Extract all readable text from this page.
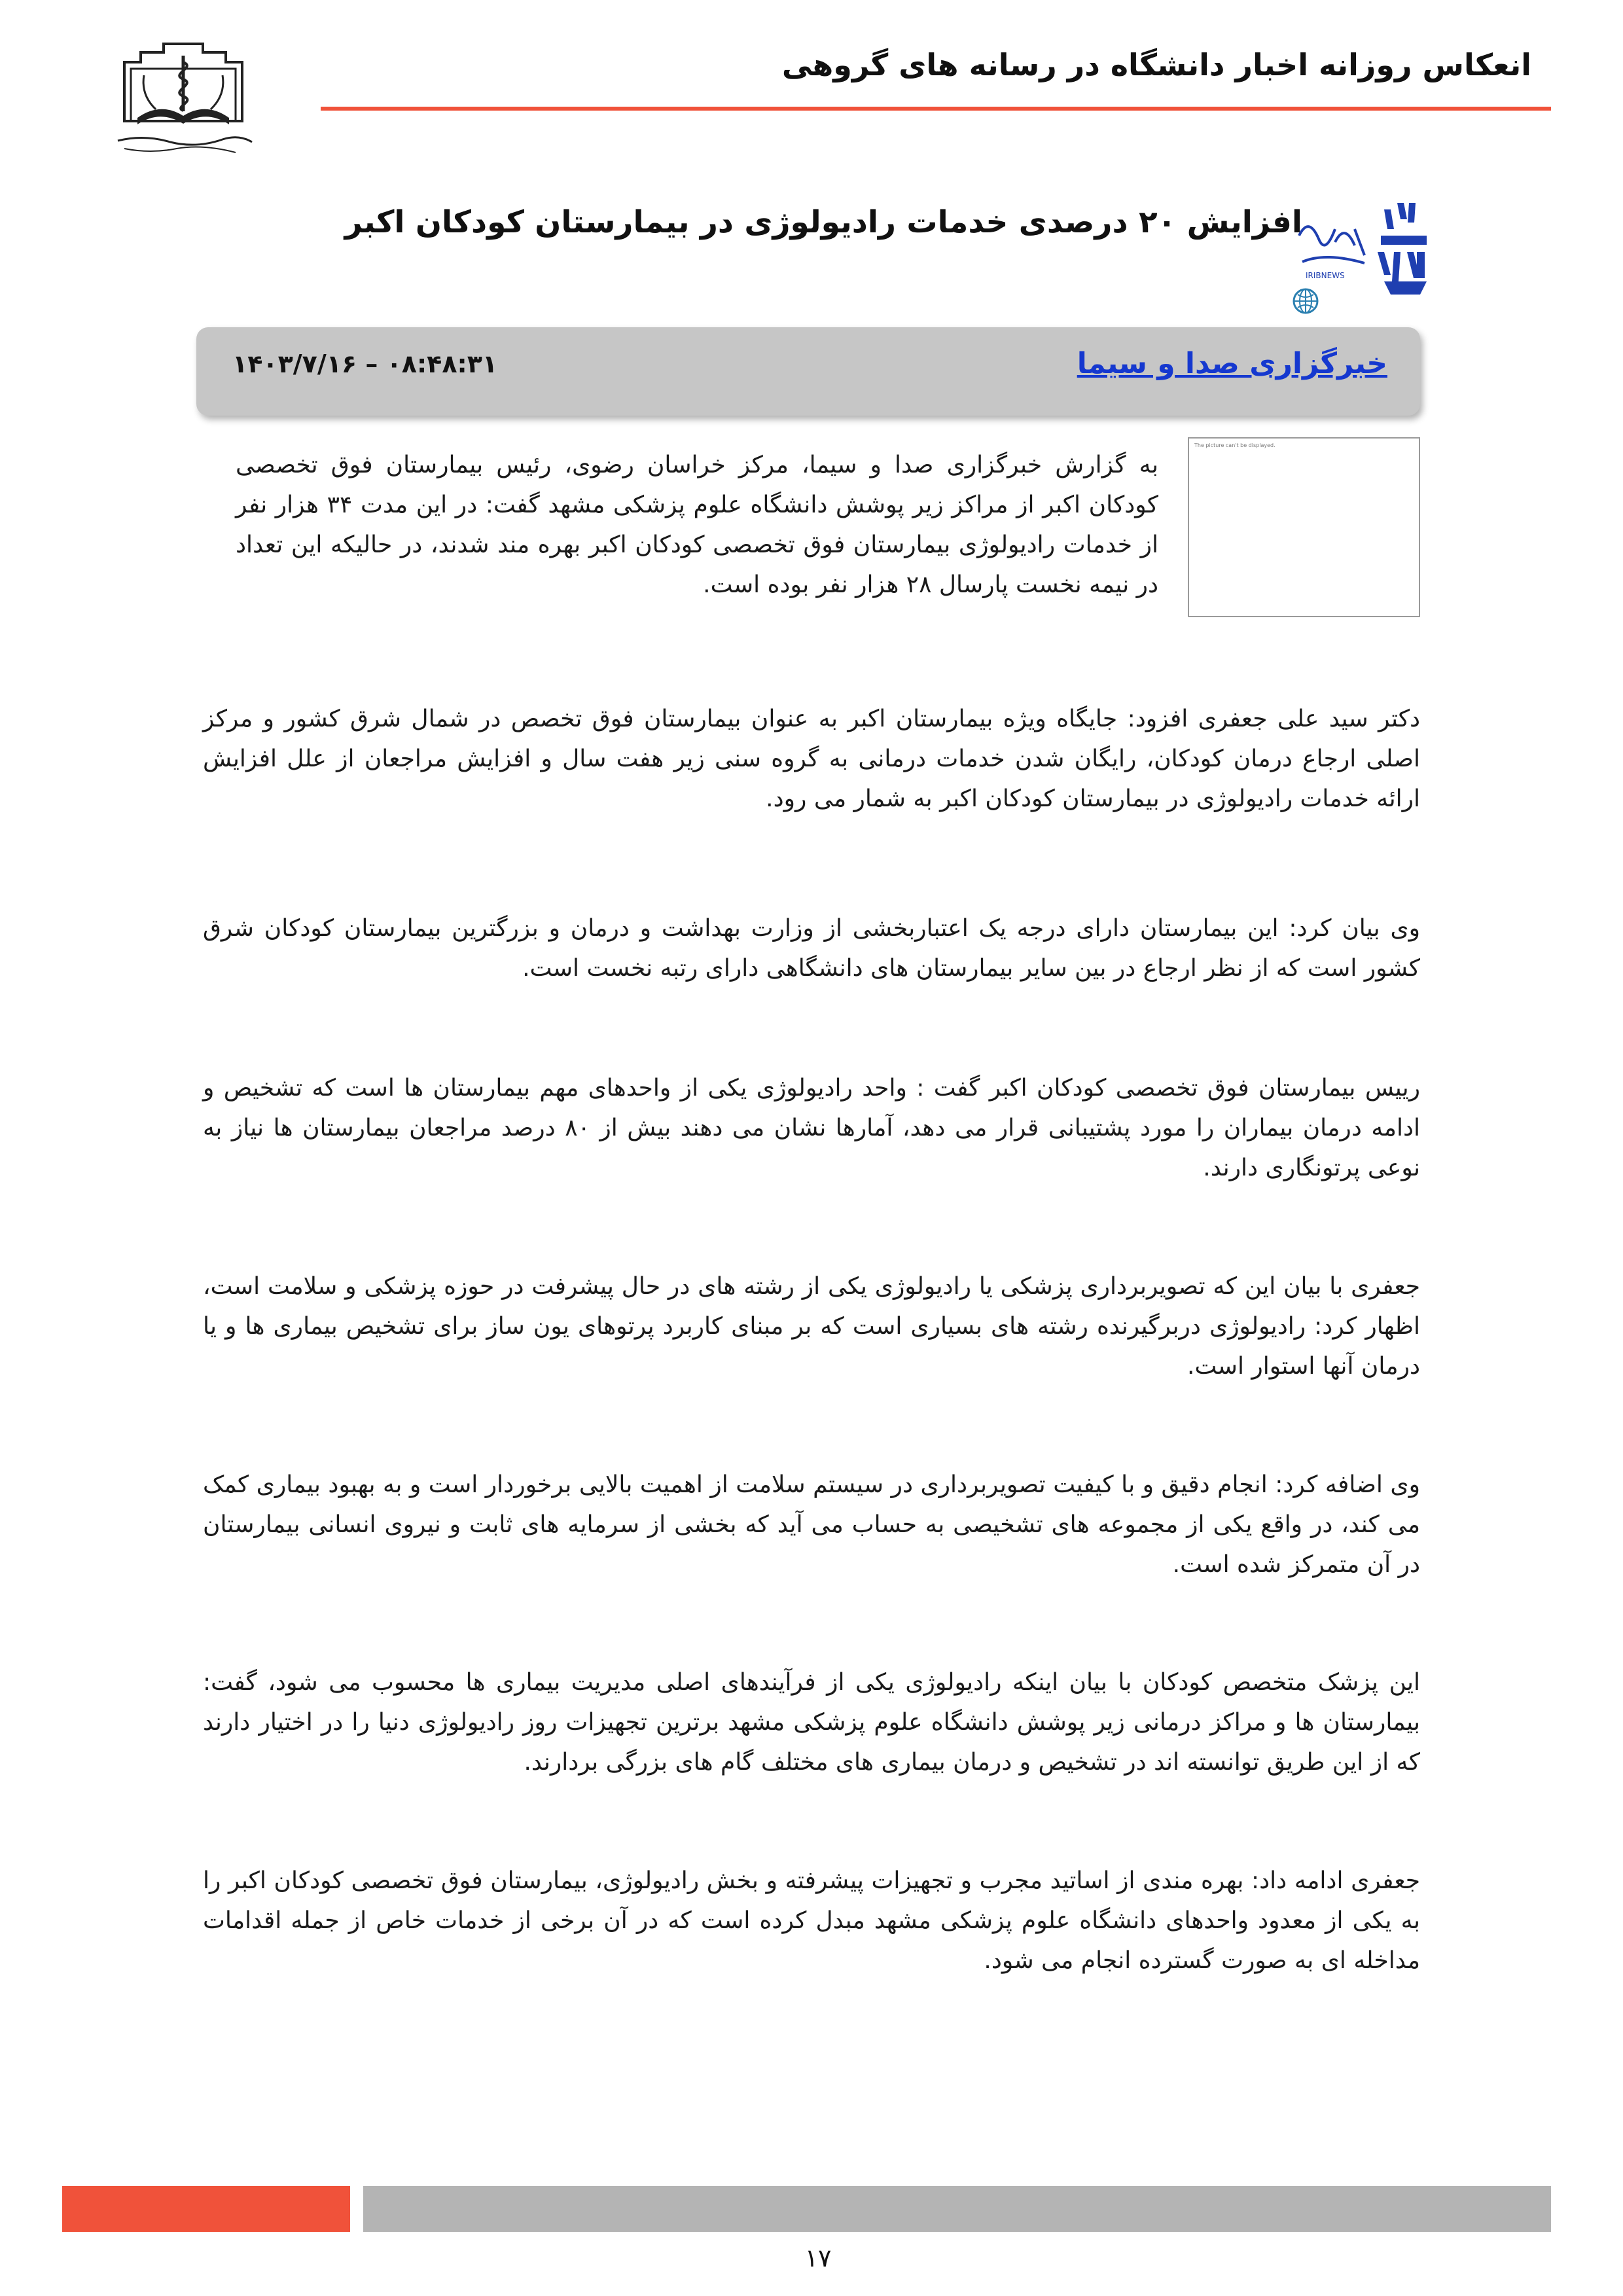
انعکاس روزانه اخبار دانشگاه در رسانه های گروهی
افزایش ۲۰ درصدی خدمات رادیولوژی در بیمارستان کودکان اکبر
IRIBNEWS
خبرگزاری صدا و سیما
۱۴۰۳/۷/۱۶ – ۰۸:۴۸:۳۱
The picture can't be displayed.
به گزارش خبرگزاری صدا و سیما، مرکز خراسان رضوی، رئیس بیمارستان فوق تخصصی کودکان اکبر از مراکز زیر پوشش دانشگاه علوم پزشکی مشهد گفت: در این مدت ۳۴ هزار نفر از خدمات رادیولوژی بیمارستان فوق تخصصی کودکان اکبر بهره مند شدند، در حالیکه این تعداد در نیمه نخست پارسال ۲۸ هزار نفر بوده است.
دکتر سید علی جعفری افزود: جایگاه ویژه بیمارستان اکبر به عنوان بیمارستان فوق تخصص در شمال شرق کشور و مرکز اصلی ارجاع درمان کودکان، رایگان شدن خدمات درمانی به گروه سنی زیر هفت سال و افزایش مراجعان از علل افزایش ارائه خدمات رادیولوژی در بیمارستان کودکان اکبر به شمار می رود.
وی بیان کرد: این بیمارستان دارای درجه یک اعتباربخشی از وزارت بهداشت و درمان و بزرگترین بیمارستان کودکان شرق کشور است که از نظر ارجاع در بین سایر بیمارستان های دانشگاهی دارای رتبه نخست است.
رییس بیمارستان فوق تخصصی کودکان اکبر گفت : واحد رادیولوژی یکی از واحدهای مهم بیمارستان ها است که تشخیص و ادامه درمان بیماران را مورد پشتیبانی قرار می دهد، آمارها نشان می دهند بیش از ۸۰ درصد مراجعان بیمارستان ها نیاز به نوعی پرتونگاری دارند.
جعفری با بیان این که تصویربرداری پزشکی یا رادیولوژی یکی از رشته های در حال پیشرفت در حوزه پزشکی و سلامت است، اظهار کرد: رادیولوژی دربرگیرنده رشته های بسیاری است که بر مبنای کاربرد پرتوهای یون ساز برای تشخیص بیماری ها و یا درمان آنها استوار است.
وی اضافه کرد: انجام دقیق و با کیفیت تصویربرداری در سیستم سلامت از اهمیت بالایی برخوردار است و به بهبود بیماری کمک می کند، در واقع یکی از مجموعه های تشخیصی به حساب می آید که بخشی از سرمایه های ثابت و نیروی انسانی بیمارستان در آن متمرکز شده است.
این پزشک متخصص کودکان با بیان اینکه رادیولوژی یکی از فرآیندهای اصلی مدیریت بیماری ها محسوب می شود، گفت: بیمارستان ها و مراکز درمانی زیر پوشش دانشگاه علوم پزشکی مشهد برترین تجهیزات روز رادیولوژی دنیا را در اختیار دارند که از این طریق توانسته اند در تشخیص و درمان بیماری های مختلف گام های بزرگی بردارند.
جعفری ادامه داد: بهره مندی از اساتید مجرب و تجهیزات پیشرفته و بخش رادیولوژی، بیمارستان فوق تخصصی کودکان اکبر را به یکی از معدود واحدهای دانشگاه علوم پزشکی مشهد مبدل کرده است که در آن برخی از خدمات خاص از جمله اقدامات مداخله ای به صورت گسترده انجام می شود.
۱۷
